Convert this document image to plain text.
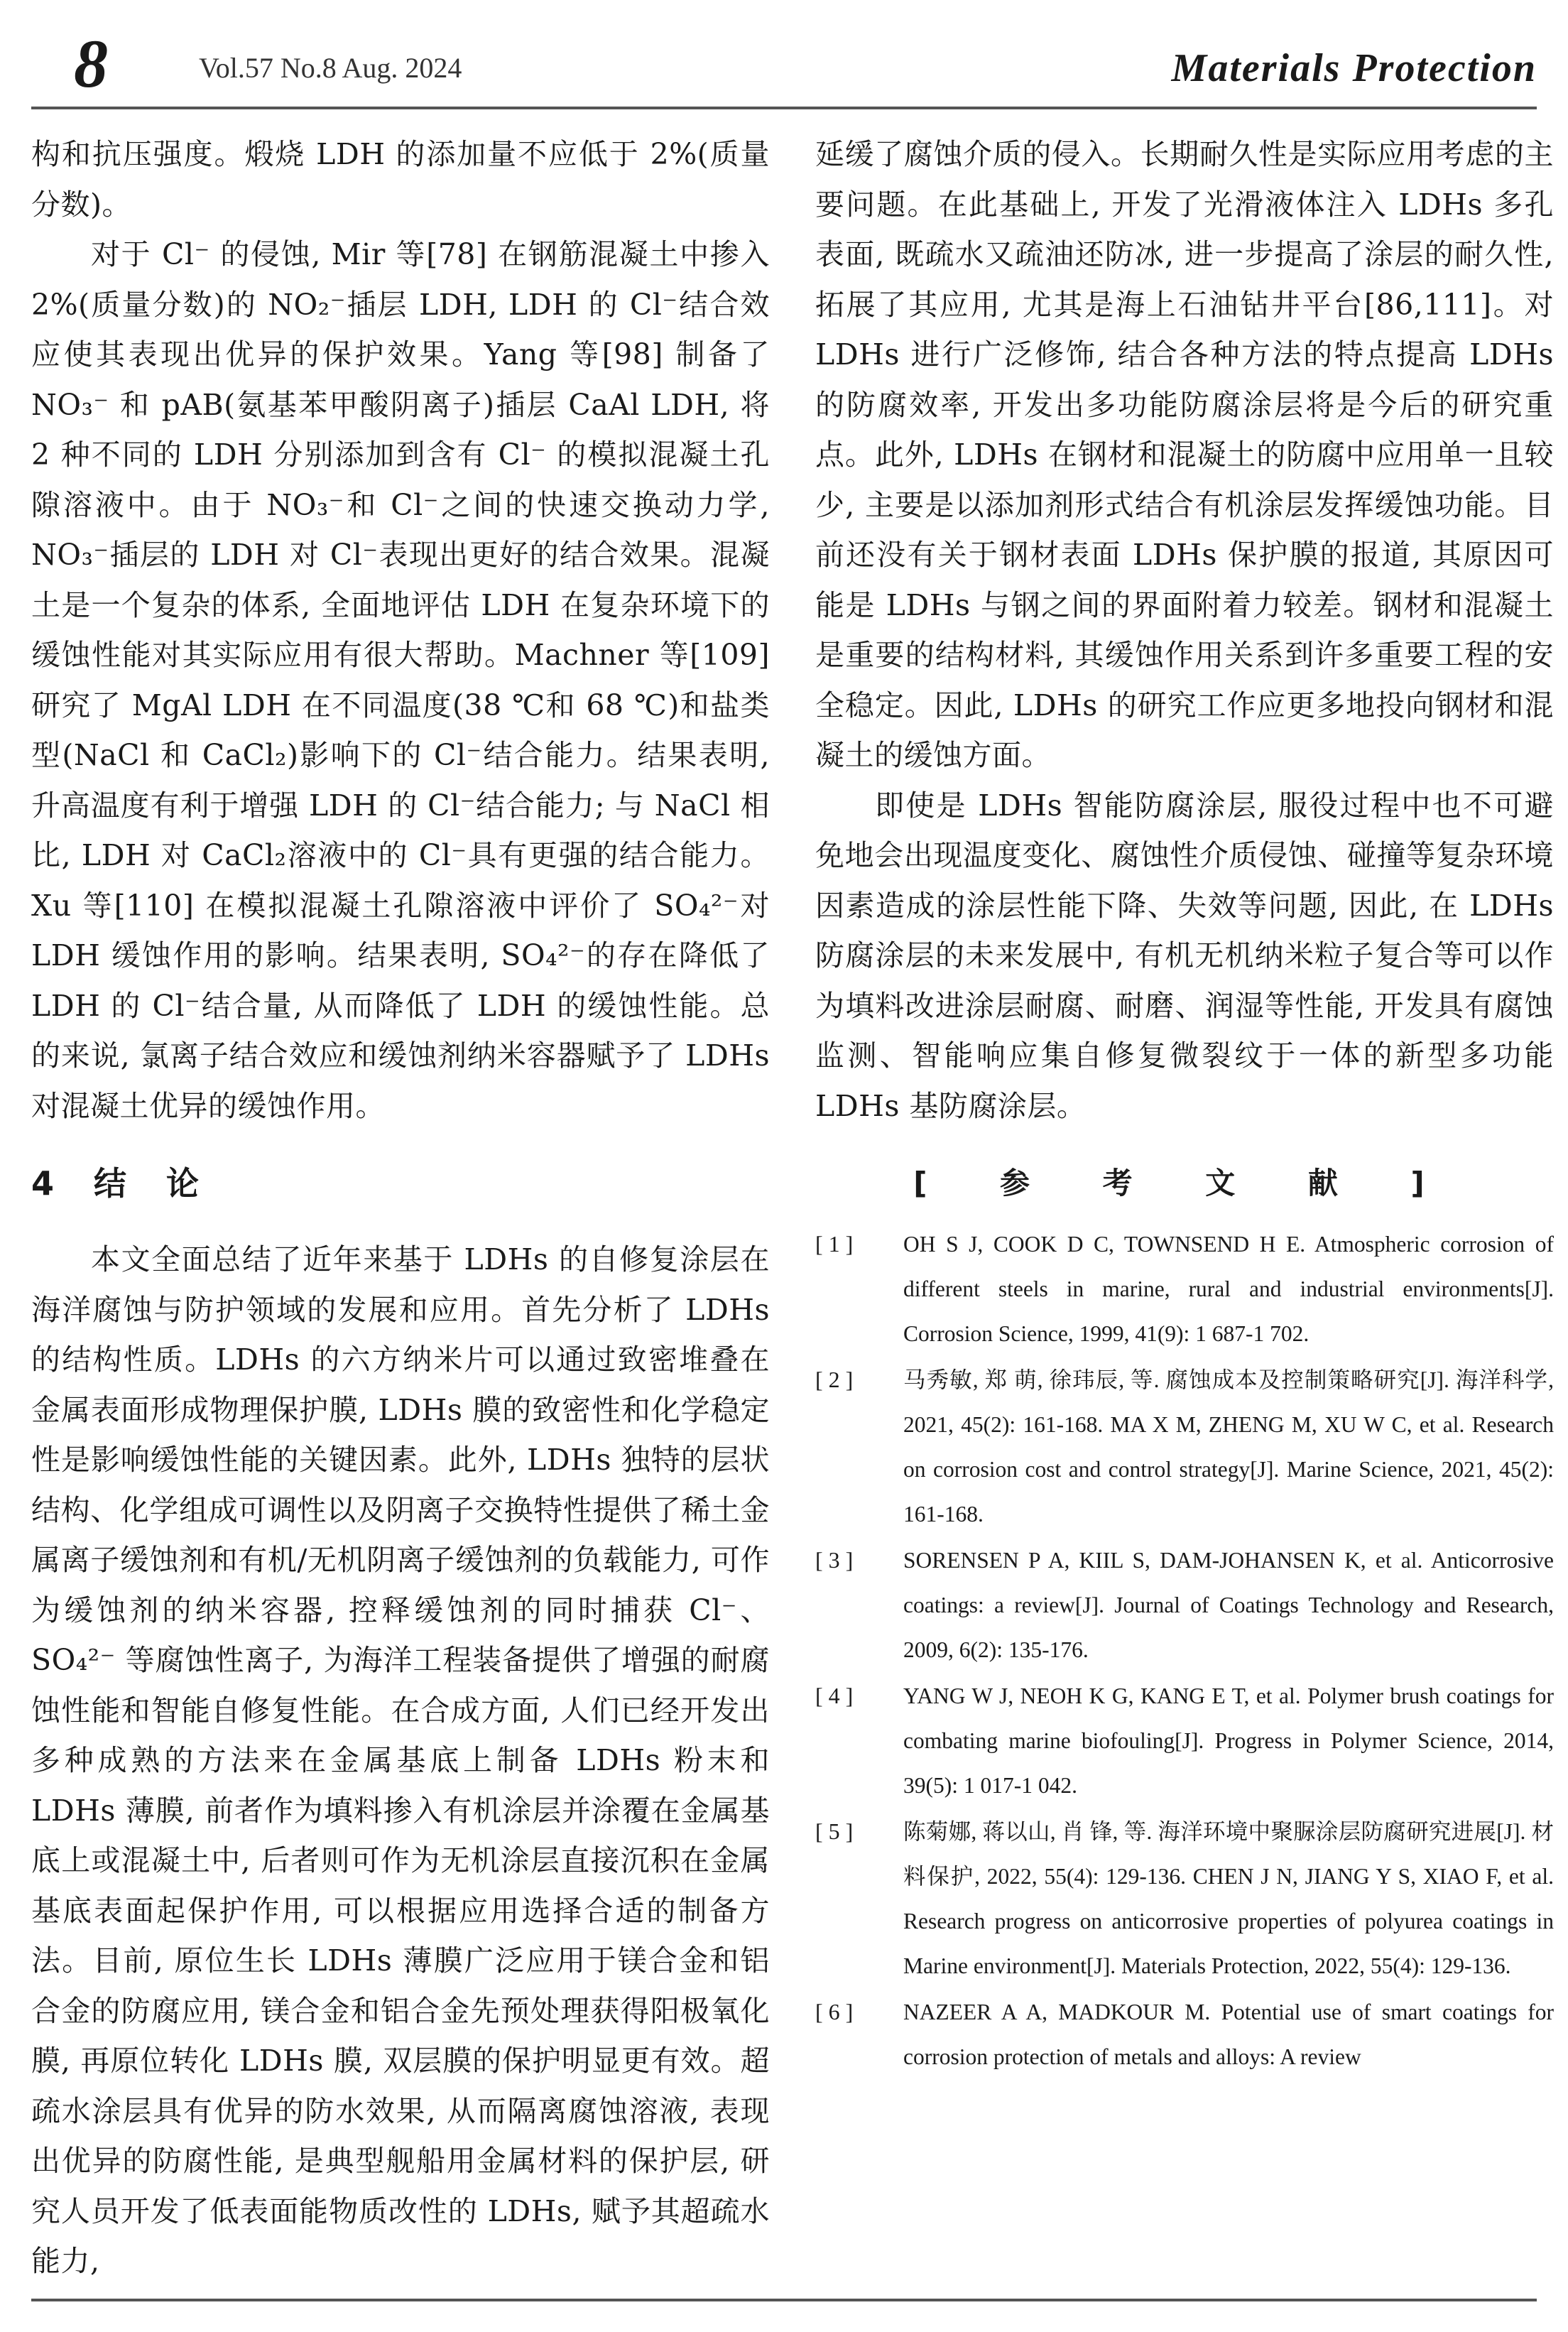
8	Vol.57 No.8 Aug. 2024	Materials Protection

构和抗压强度。煅烧 LDH 的添加量不应低于 2%(质量分数)。

对于 Cl⁻ 的侵蚀, Mir 等[78] 在钢筋混凝土中掺入 2%(质量分数)的 NO₂⁻插层 LDH, LDH 的 Cl⁻结合效应使其表现出优异的保护效果。Yang 等[98] 制备了 NO₃⁻ 和 pAB(氨基苯甲酸阴离子)插层 CaAl LDH, 将 2 种不同的 LDH 分别添加到含有 Cl⁻ 的模拟混凝土孔隙溶液中。由于 NO₃⁻和 Cl⁻之间的快速交换动力学, NO₃⁻插层的 LDH 对 Cl⁻表现出更好的结合效果。混凝土是一个复杂的体系, 全面地评估 LDH 在复杂环境下的缓蚀性能对其实际应用有很大帮助。Machner 等[109] 研究了 MgAl LDH 在不同温度(38 ℃和 68 ℃)和盐类型(NaCl 和 CaCl₂)影响下的 Cl⁻结合能力。结果表明, 升高温度有利于增强 LDH 的 Cl⁻结合能力; 与 NaCl 相比, LDH 对 CaCl₂溶液中的 Cl⁻具有更强的结合能力。Xu 等[110] 在模拟混凝土孔隙溶液中评价了 SO₄²⁻对 LDH 缓蚀作用的影响。结果表明, SO₄²⁻的存在降低了 LDH 的 Cl⁻结合量, 从而降低了 LDH 的缓蚀性能。总的来说, 氯离子结合效应和缓蚀剂纳米容器赋予了 LDHs 对混凝土优异的缓蚀作用。

4 结 论

本文全面总结了近年来基于 LDHs 的自修复涂层在海洋腐蚀与防护领域的发展和应用。首先分析了 LDHs 的结构性质。LDHs 的六方纳米片可以通过致密堆叠在金属表面形成物理保护膜, LDHs 膜的致密性和化学稳定性是影响缓蚀性能的关键因素。此外, LDHs 独特的层状结构、化学组成可调性以及阴离子交换特性提供了稀土金属离子缓蚀剂和有机/无机阴离子缓蚀剂的负载能力, 可作为缓蚀剂的纳米容器, 控释缓蚀剂的同时捕获 Cl⁻、SO₄²⁻ 等腐蚀性离子, 为海洋工程装备提供了增强的耐腐蚀性能和智能自修复性能。在合成方面, 人们已经开发出多种成熟的方法来在金属基底上制备 LDHs 粉末和 LDHs 薄膜, 前者作为填料掺入有机涂层并涂覆在金属基底上或混凝土中, 后者则可作为无机涂层直接沉积在金属基底表面起保护作用, 可以根据应用选择合适的制备方法。目前, 原位生长 LDHs 薄膜广泛应用于镁合金和铝合金的防腐应用, 镁合金和铝合金先预处理获得阳极氧化膜, 再原位转化 LDHs 膜, 双层膜的保护明显更有效。超疏水涂层具有优异的防水效果, 从而隔离腐蚀溶液, 表现出优异的防腐性能, 是典型舰船用金属材料的保护层, 研究人员开发了低表面能物质改性的 LDHs, 赋予其超疏水能力,

延缓了腐蚀介质的侵入。长期耐久性是实际应用考虑的主要问题。在此基础上, 开发了光滑液体注入 LDHs 多孔表面, 既疏水又疏油还防冰, 进一步提高了涂层的耐久性, 拓展了其应用, 尤其是海上石油钻井平台[86,111]。对 LDHs 进行广泛修饰, 结合各种方法的特点提高 LDHs 的防腐效率, 开发出多功能防腐涂层将是今后的研究重点。此外, LDHs 在钢材和混凝土的防腐中应用单一且较少, 主要是以添加剂形式结合有机涂层发挥缓蚀功能。目前还没有关于钢材表面 LDHs 保护膜的报道, 其原因可能是 LDHs 与钢之间的界面附着力较差。钢材和混凝土是重要的结构材料, 其缓蚀作用关系到许多重要工程的安全稳定。因此, LDHs 的研究工作应更多地投向钢材和混凝土的缓蚀方面。

即使是 LDHs 智能防腐涂层, 服役过程中也不可避免地会出现温度变化、腐蚀性介质侵蚀、碰撞等复杂环境因素造成的涂层性能下降、失效等问题, 因此, 在 LDHs 防腐涂层的未来发展中, 有机无机纳米粒子复合等可以作为填料改进涂层耐腐、耐磨、润湿等性能, 开发具有腐蚀监测、智能响应集自修复微裂纹于一体的新型多功能 LDHs 基防腐涂层。

[ 参 考 文 献 ]
[ 1 ] OH S J, COOK D C, TOWNSEND H E. Atmospheric corrosion of different steels in marine, rural and industrial environments[J]. Corrosion Science, 1999, 41(9): 1 687-1 702.
[ 2 ] 马秀敏, 郑 萌, 徐玮辰, 等. 腐蚀成本及控制策略研究[J]. 海洋科学, 2021, 45(2): 161-168. MA X M, ZHENG M, XU W C, et al. Research on corrosion cost and control strategy[J]. Marine Science, 2021, 45(2): 161-168.
[ 3 ] SORENSEN P A, KIIL S, DAM-JOHANSEN K, et al. Anticorrosive coatings: a review[J]. Journal of Coatings Technology and Research, 2009, 6(2): 135-176.
[ 4 ] YANG W J, NEOH K G, KANG E T, et al. Polymer brush coatings for combating marine biofouling[J]. Progress in Polymer Science, 2014, 39(5): 1 017-1 042.
[ 5 ] 陈菊娜, 蒋以山, 肖 锋, 等. 海洋环境中聚脲涂层防腐研究进展[J]. 材料保护, 2022, 55(4): 129-136. CHEN J N, JIANG Y S, XIAO F, et al. Research progress on anticorrosive properties of polyurea coatings in Marine environment[J]. Materials Protection, 2022, 55(4): 129-136.
[ 6 ] NAZEER A A, MADKOUR M. Potential use of smart coatings for corrosion protection of metals and alloys: A review
